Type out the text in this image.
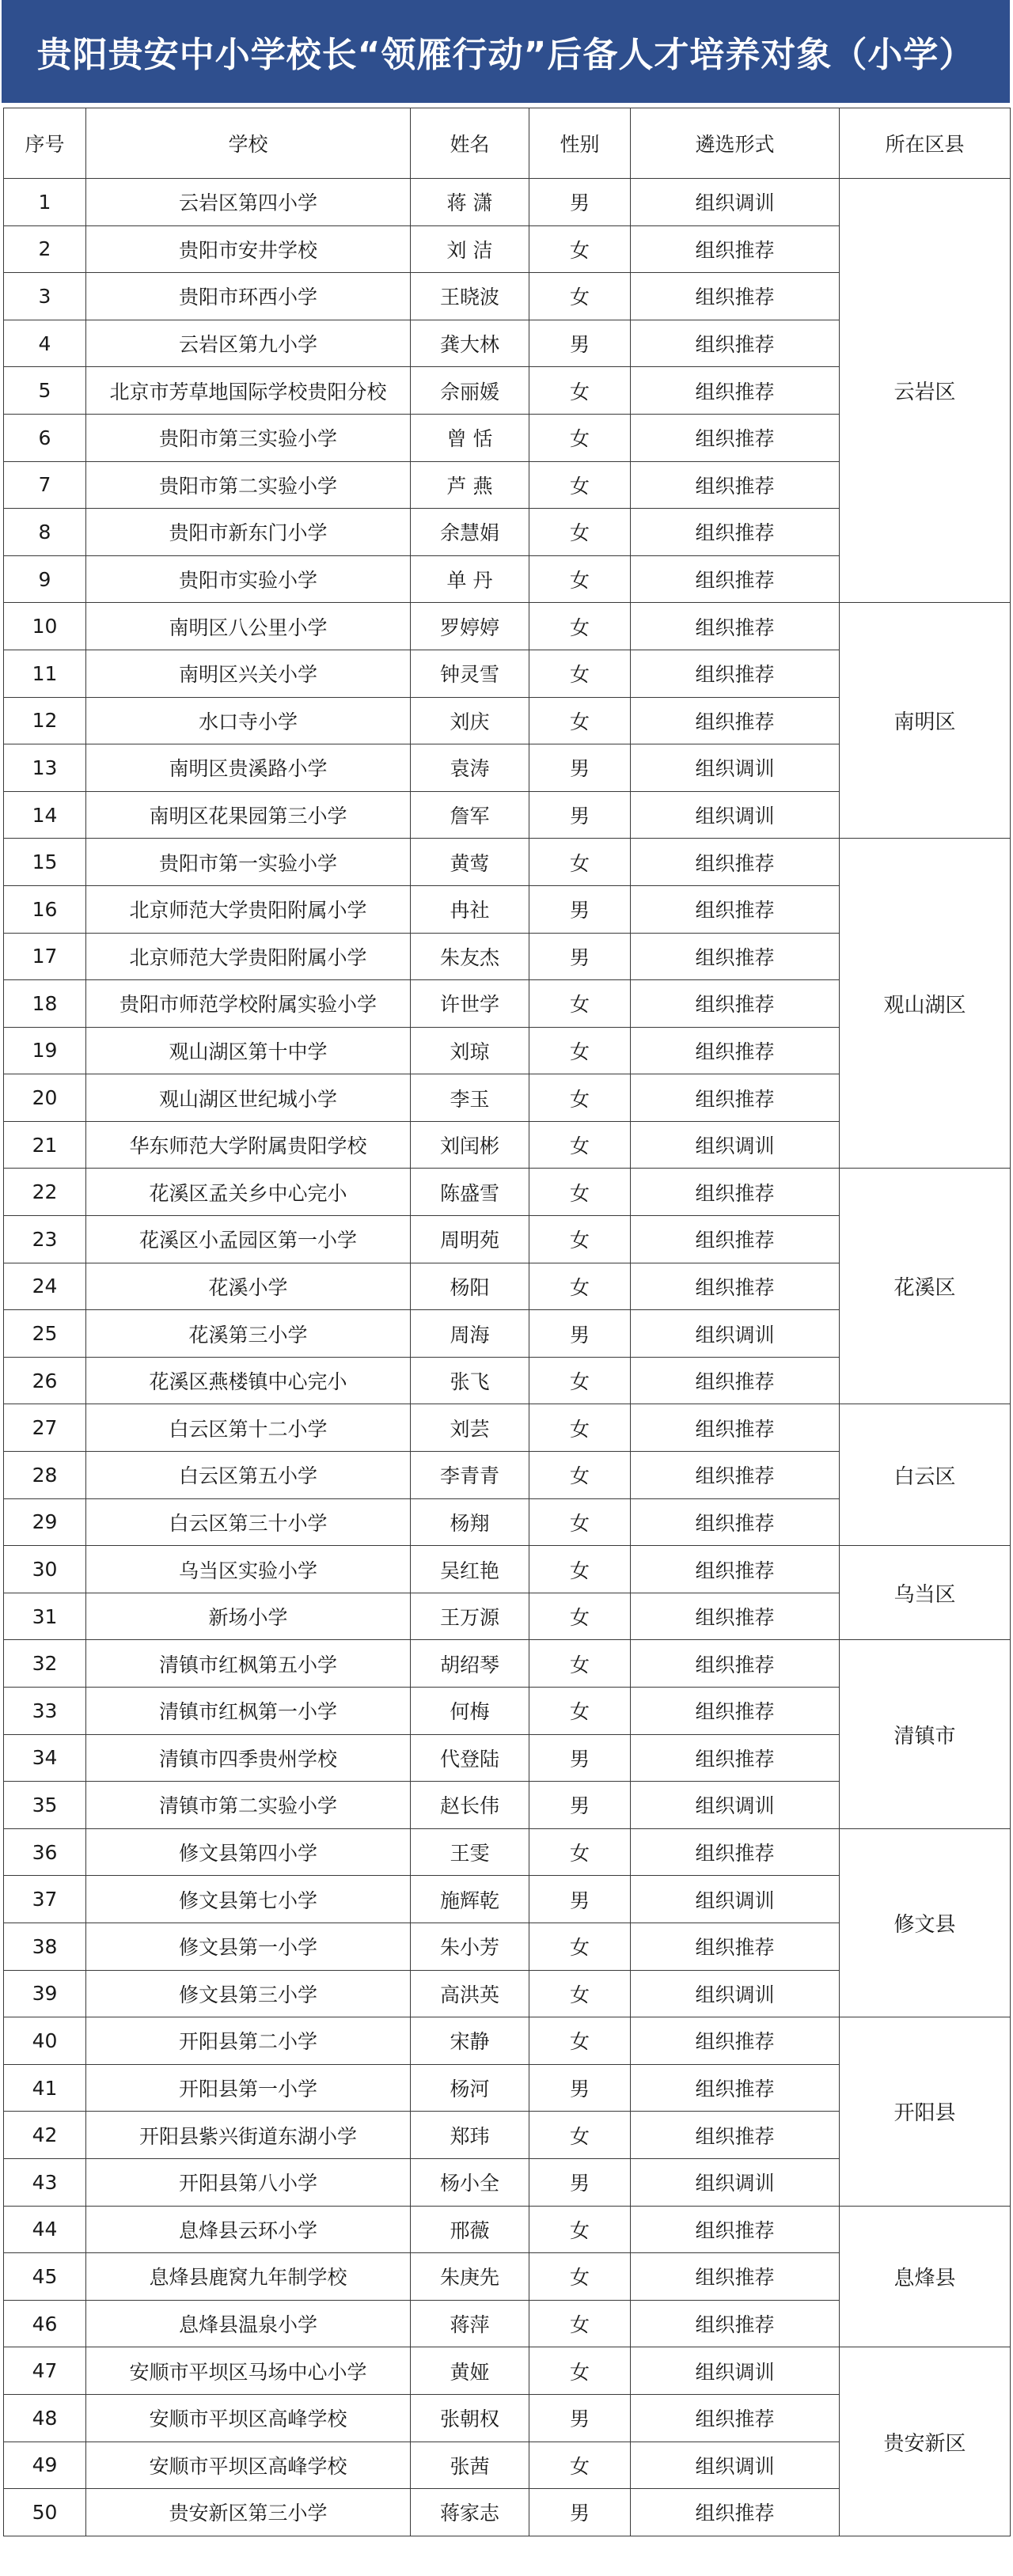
贵阳贵安中小学校长“领雁行动”后备人才培养对象（小学）
序号	学校	姓名	性别	遴选形式	所在区县
1	云岩区第四小学	蒋 潇	男	组织调训	云岩区
2	贵阳市安井学校	刘 洁	女	组织推荐	
3	贵阳市环西小学	王晓波	女	组织推荐	
4	云岩区第九小学	龚大林	男	组织推荐	
5	北京市芳草地国际学校贵阳分校	佘丽媛	女	组织推荐	
6	贵阳市第三实验小学	曾 恬	女	组织推荐	
7	贵阳市第二实验小学	芦 燕	女	组织推荐	
8	贵阳市新东门小学	余慧娟	女	组织推荐	
9	贵阳市实验小学	单 丹	女	组织推荐	
10	南明区八公里小学	罗婷婷	女	组织推荐	南明区
11	南明区兴关小学	钟灵雪	女	组织推荐	
12	水口寺小学	刘庆	女	组织推荐	
13	南明区贵溪路小学	袁涛	男	组织调训	
14	南明区花果园第三小学	詹军	男	组织调训	
15	贵阳市第一实验小学	黄莺	女	组织推荐	观山湖区
16	北京师范大学贵阳附属小学	冉社	男	组织推荐	
17	北京师范大学贵阳附属小学	朱友杰	男	组织推荐	
18	贵阳市师范学校附属实验小学	许世学	女	组织推荐	
19	观山湖区第十中学	刘琼	女	组织推荐	
20	观山湖区世纪城小学	李玉	女	组织推荐	
21	华东师范大学附属贵阳学校	刘闰彬	女	组织调训	
22	花溪区孟关乡中心完小	陈盛雪	女	组织推荐	花溪区
23	花溪区小孟园区第一小学	周明苑	女	组织推荐	
24	花溪小学	杨阳	女	组织推荐	
25	花溪第三小学	周海	男	组织调训	
26	花溪区燕楼镇中心完小	张飞	女	组织推荐	
27	白云区第十二小学	刘芸	女	组织推荐	白云区
28	白云区第五小学	李青青	女	组织推荐	
29	白云区第三十小学	杨翔	女	组织推荐	
30	乌当区实验小学	吴红艳	女	组织推荐	乌当区
31	新场小学	王万源	女	组织推荐	
32	清镇市红枫第五小学	胡绍琴	女	组织推荐	清镇市
33	清镇市红枫第一小学	何梅	女	组织推荐	
34	清镇市四季贵州学校	代登陆	男	组织推荐	
35	清镇市第二实验小学	赵长伟	男	组织调训	
36	修文县第四小学	王雯	女	组织推荐	修文县
37	修文县第七小学	施辉乾	男	组织调训	
38	修文县第一小学	朱小芳	女	组织推荐	
39	修文县第三小学	高洪英	女	组织调训	
40	开阳县第二小学	宋静	女	组织推荐	开阳县
41	开阳县第一小学	杨河	男	组织推荐	
42	开阳县紫兴街道东湖小学	郑玮	女	组织推荐	
43	开阳县第八小学	杨小全	男	组织调训	
44	息烽县云环小学	邢薇	女	组织推荐	息烽县
45	息烽县鹿窝九年制学校	朱庚先	女	组织推荐	
46	息烽县温泉小学	蒋萍	女	组织推荐	
47	安顺市平坝区马场中心小学	黄娅	女	组织调训	贵安新区
48	安顺市平坝区高峰学校	张朝权	男	组织推荐	
49	安顺市平坝区高峰学校	张茜	女	组织调训	
50	贵安新区第三小学	蒋家志	男	组织推荐	
